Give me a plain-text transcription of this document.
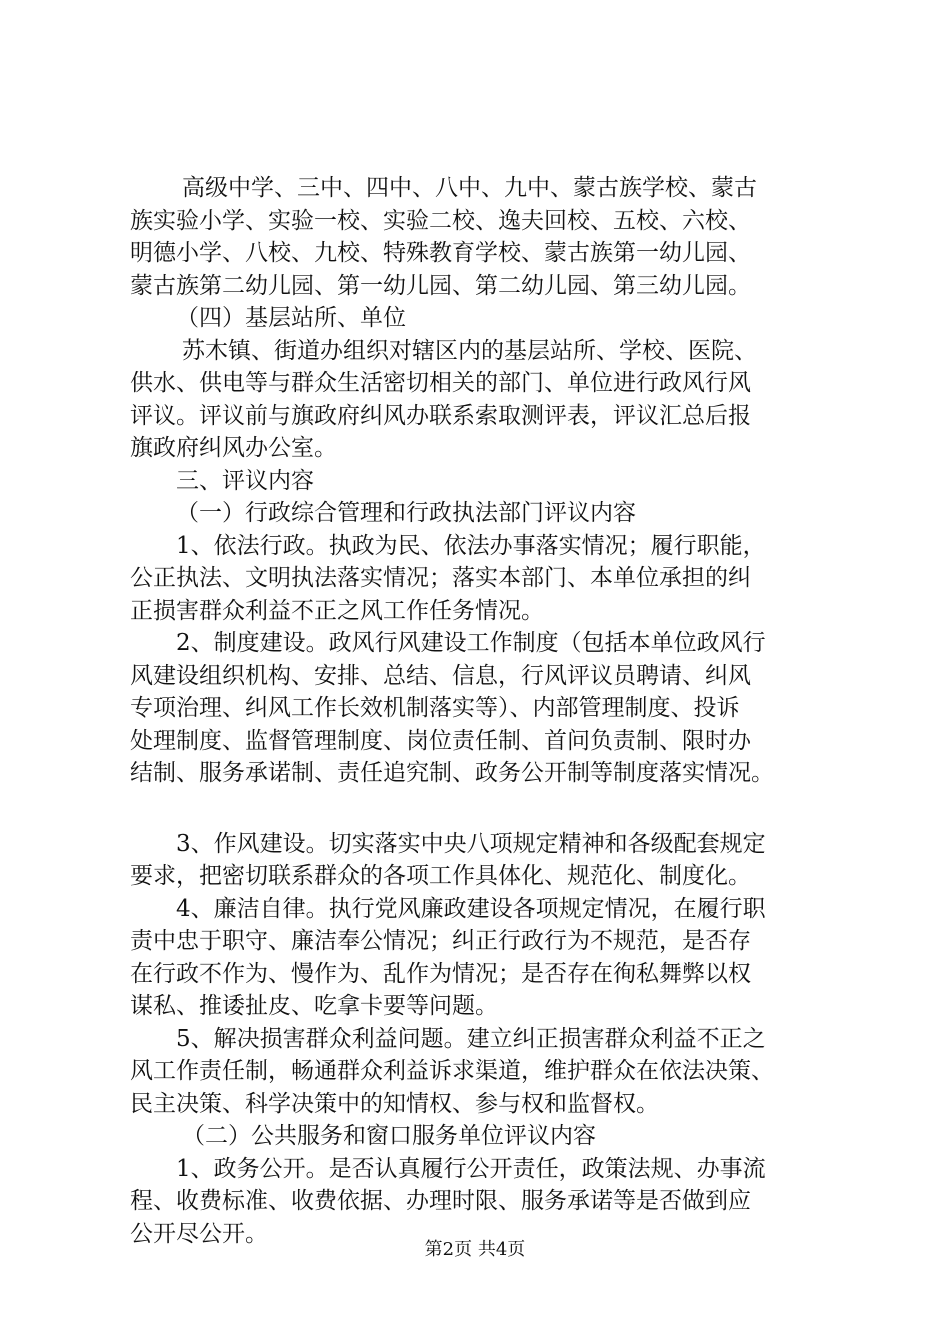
高级中学、三中、四中、八中、九中、蒙古族学校、蒙古
族实验小学、实验一校、实验二校、逸夫回校、五校、六校、
明德小学、八校、九校、特殊教育学校、蒙古族第一幼儿园、
蒙古族第二幼儿园、第一幼儿园、第二幼儿园、第三幼儿园。
（四）基层站所、单位
苏木镇、街道办组织对辖区内的基层站所、学校、医院、
供水、供电等与群众生活密切相关的部门、单位进行政风行风
评议。评议前与旗政府纠风办联系索取测评表，评议汇总后报
旗政府纠风办公室。
三、评议内容
（一）行政综合管理和行政执法部门评议内容
1、依法行政。执政为民、依法办事落实情况；履行职能，
公正执法、文明执法落实情况；落实本部门、本单位承担的纠
正损害群众利益不正之风工作任务情况。
2、制度建设。政风行风建设工作制度（包括本单位政风行
风建设组织机构、安排、总结、信息，行风评议员聘请、纠风
专项治理、纠风工作长效机制落实等）、内部管理制度、投诉
处理制度、监督管理制度、岗位责任制、首问负责制、限时办
结制、服务承诺制、责任追究制、政务公开制等制度落实情况。
3、作风建设。切实落实中央八项规定精神和各级配套规定
要求，把密切联系群众的各项工作具体化、规范化、制度化。
4、廉洁自律。执行党风廉政建设各项规定情况，在履行职
责中忠于职守、廉洁奉公情况；纠正行政行为不规范，是否存
在行政不作为、慢作为、乱作为情况；是否存在徇私舞弊以权
谋私、推诿扯皮、吃拿卡要等问题。
5、解决损害群众利益问题。建立纠正损害群众利益不正之
风工作责任制，畅通群众利益诉求渠道，维护群众在依法决策、
民主决策、科学决策中的知情权、参与权和监督权。
（二）公共服务和窗口服务单位评议内容
1、政务公开。是否认真履行公开责任，政策法规、办事流
程、收费标准、收费依据、办理时限、服务承诺等是否做到应
公开尽公开。
第2页 共4页
